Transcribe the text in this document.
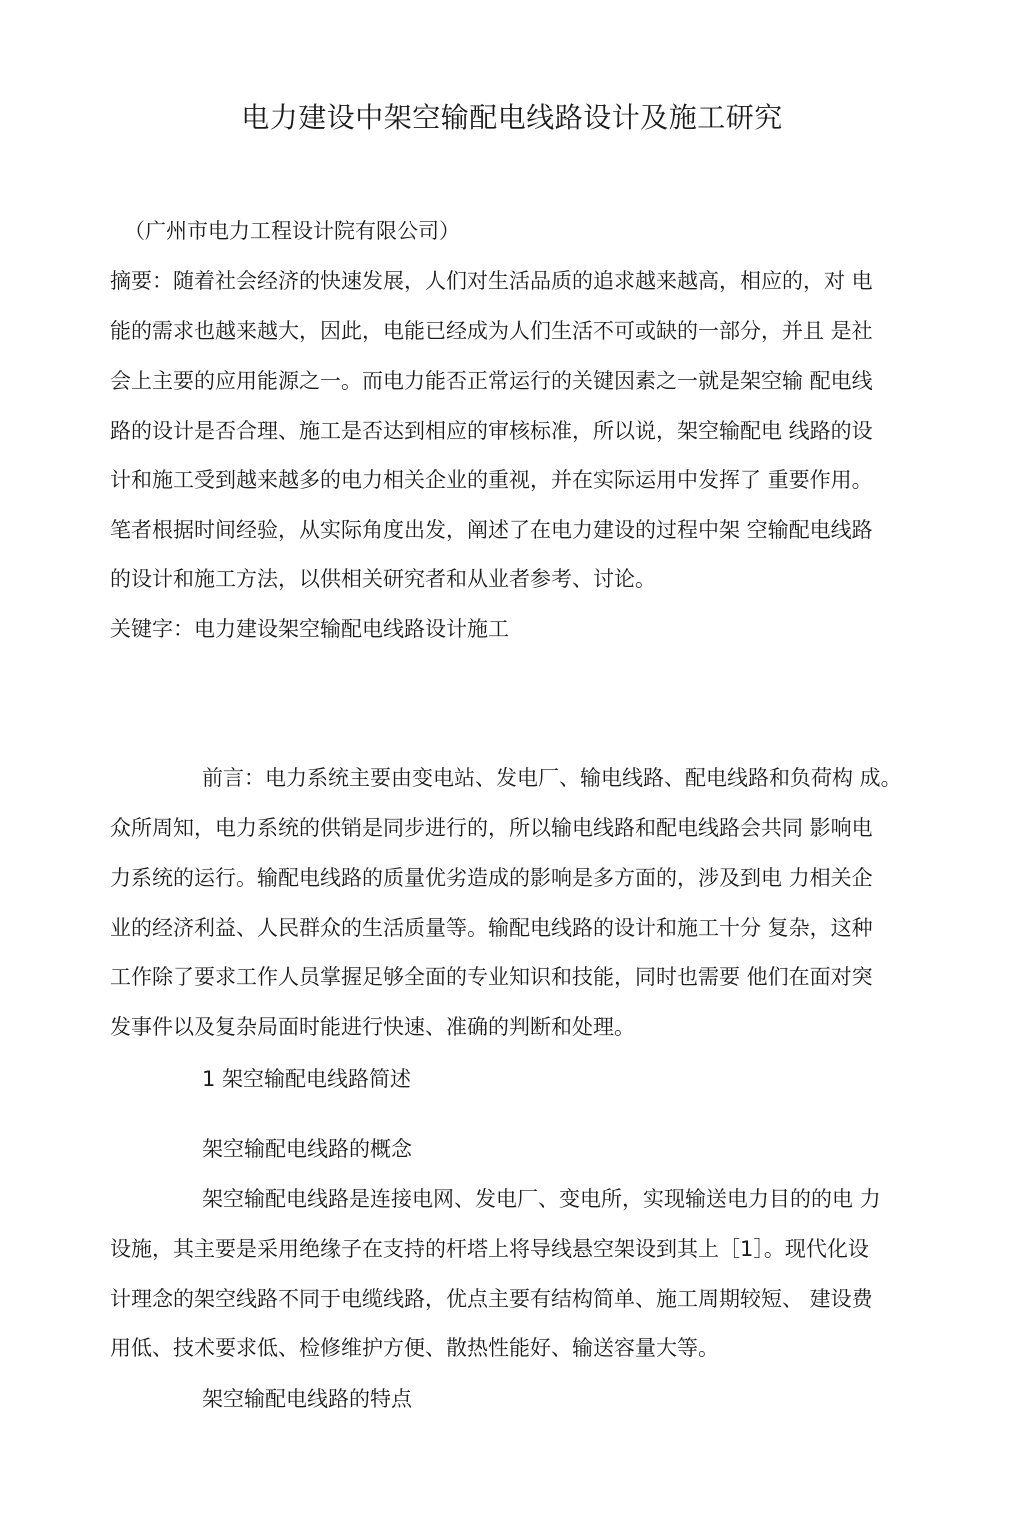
电力建设中架空输配电线路设计及施工研究
（广州市电力工程设计院有限公司）
摘要：随着社会经济的快速发展，人们对生活品质的追求越来越高，相应的，对 电
能的需求也越来越大，因此，电能已经成为人们生活不可或缺的一部分，并且 是社
会上主要的应用能源之一。而电力能否正常运行的关键因素之一就是架空输 配电线
路的设计是否合理、施工是否达到相应的审核标准，所以说，架空输配电 线路的设
计和施工受到越来越多的电力相关企业的重视，并在实际运用中发挥了 重要作用。
笔者根据时间经验，从实际角度出发，阐述了在电力建设的过程中架 空输配电线路
的设计和施工方法，以供相关研究者和从业者参考、讨论。
关键字：电力建设架空输配电线路设计施工
前言：电力系统主要由变电站、发电厂、输电线路、配电线路和负荷构 成。
众所周知，电力系统的供销是同步进行的，所以输电线路和配电线路会共同 影响电
力系统的运行。输配电线路的质量优劣造成的影响是多方面的，涉及到电 力相关企
业的经济利益、人民群众的生活质量等。输配电线路的设计和施工十分 复杂，这种
工作除了要求工作人员掌握足够全面的专业知识和技能，同时也需要 他们在面对突
发事件以及复杂局面时能进行快速、准确的判断和处理。
1 架空输配电线路简述
架空输配电线路的概念
架空输配电线路是连接电网、发电厂、变电所，实现输送电力目的的电 力
设施，其主要是采用绝缘子在支持的杆塔上将导线悬空架设到其上［1］。现代化设
计理念的架空线路不同于电缆线路，优点主要有结构简单、施工周期较短、 建设费
用低、技术要求低、检修维护方便、散热性能好、输送容量大等。
架空输配电线路的特点
